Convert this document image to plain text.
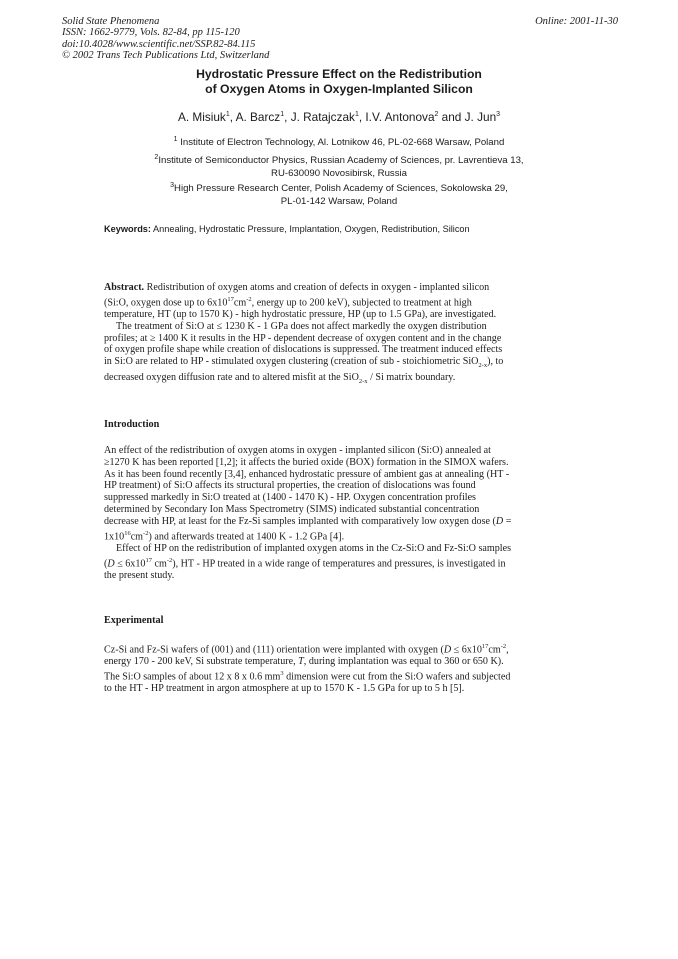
Solid State Phenomena	Online: 2001-11-30
ISSN: 1662-9779, Vols. 82-84, pp 115-120
doi:10.4028/www.scientific.net/SSP.82-84.115
© 2002 Trans Tech Publications Ltd, Switzerland
Hydrostatic Pressure Effect on the Redistribution
of Oxygen Atoms in Oxygen-Implanted Silicon
A. Misiuk$^1$, A. Barcz$^1$, J. Ratajczak$^1$, I.V. Antonova$^2$ and J. Jun$^3$
$^1$ Institute of Electron Technology, Al. Lotnikow 46, PL-02-668 Warsaw, Poland
$^2$Institute of Semiconductor Physics, Russian Academy of Sciences, pr. Lavrentieva 13,
RU-630090 Novosibirsk, Russia
$^3$High Pressure Research Center, Polish Academy of Sciences, Sokolowska 29,
PL-01-142 Warsaw, Poland
Keywords: Annealing, Hydrostatic Pressure, Implantation, Oxygen, Redistribution, Silicon
Abstract. Redistribution of oxygen atoms and creation of defects in oxygen - implanted silicon
(Si:O, oxygen dose up to $6x10^{17}cm^{-2}$, energy up to 200 keV), subjected to treatment at high
temperature, HT (up to 1570 K) - high hydrostatic pressure, HP (up to 1.5 GPa), are investigated.
The treatment of Si:O at ≤ 1230 K - 1 GPa does not affect markedly the oxygen distribution
profiles; at ≥ 1400 K it results in the HP - dependent decrease of oxygen content and in the change
of oxygen profile shape while creation of dislocations is suppressed. The treatment induced effects
in Si:O are related to HP - stimulated oxygen clustering (creation of sub - stoichiometric SiO$_{2-x}$), to
decreased oxygen diffusion rate and to altered misfit at the SiO$_{2-x}$ / Si matrix boundary.
Introduction
An effect of the redistribution of oxygen atoms in oxygen - implanted silicon (Si:O) annealed at
≥1270 K has been reported [1,2]; it affects the buried oxide (BOX) formation in the SIMOX wafers.
As it has been found recently [3,4], enhanced hydrostatic pressure of ambient gas at annealing (HT -
HP treatment) of Si:O affects its structural properties, the creation of dislocations was found
suppressed markedly in Si:O treated at (1400 - 1470 K) - HP. Oxygen concentration profiles
determined by Secondary Ion Mass Spectrometry (SIMS) indicated substantial concentration
decrease with HP, at least for the Fz-Si samples implanted with comparatively low oxygen dose (D =
$1x10^{16}cm^{-2}$) and afterwards treated at 1400 K - 1.2 GPa [4].
Effect of HP on the redistribution of implanted oxygen atoms in the Cz-Si:O and Fz-Si:O samples
($D \le 6x10^{17}$ $cm^{-2}$), HT - HP treated in a wide range of temperatures and pressures, is investigated in
the present study.
Experimental
Cz-Si and Fz-Si wafers of (001) and (111) orientation were implanted with oxygen ($D \le 6x10^{17}cm^{-2}$,
energy 170 - 200 keV, Si substrate temperature, T, during implantation was equal to 360 or 650 K).
The Si:O samples of about 12 x 8 x 0.6 $mm^3$ dimension were cut from the Si:O wafers and subjected
to the HT - HP treatment in argon atmosphere at up to 1570 K - 1.5 GPa for up to 5 h [5].
